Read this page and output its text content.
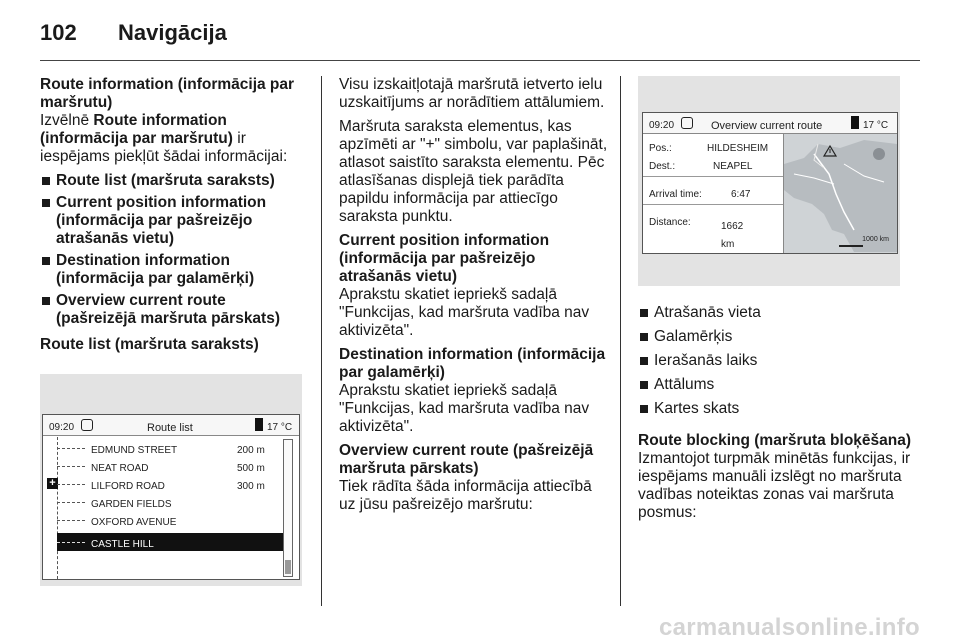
102 Navigācija

Route information (informācija par maršrutu)

Izvēlnē Route information (informācija par maršrutu) ir iespējams piekļūt šādai informācijai:

Route list (maršruta saraksts)
Current position information (informācija par pašreizējo atrašanās vietu)
Destination information (informācija par galamērķi)
Overview current route (pašreizējā maršruta pārskats)

Route list (maršruta saraksts)

09:20	Route list	17 °C
EDMUND STREET	200 m
NEAT ROAD	500 m
+	LILFORD ROAD	300 m
GARDEN FIELDS
OXFORD AVENUE
CASTLE HILL

Visu izskaitļotajā maršrutā ietverto ielu uzskaitījums ar norādītiem attālumiem.

Maršruta saraksta elementus, kas apzīmēti ar "+" simbolu, var paplašināt, atlasot saistīto saraksta elementu. Pēc atlasīšanas displejā tiek parādīta papildu informācija par attiecīgo saraksta punktu.

Current position information (informācija par pašreizējo atrašanās vietu)

Aprakstu skatiet iepriekš sadaļā "Funkcijas, kad maršruta vadība nav aktivizēta".

Destination information (informācija par galamērķi)

Aprakstu skatiet iepriekš sadaļā "Funkcijas, kad maršruta vadība nav aktivizēta".

Overview current route (pašreizējā maršruta pārskats)

Tiek rādīta šāda informācija attiecībā uz jūsu pašreizējo maršrutu:

09:20	Overview current route	17 °C
Pos.:	HILDESHEIM
Dest.:	NEAPEL
Arrival time:	6:47
Distance:	1662 km	1000 km
Atrašanās vieta
Galamērķis
Ierašanās laiks
Attālums
Kartes skats

Route blocking (maršruta bloķēšana)

Izmantojot turpmāk minētās funkcijas, ir iespējams manuāli izslēgt no maršruta vadības noteiktas zonas vai maršruta posmus:

carmanualsonline.info
